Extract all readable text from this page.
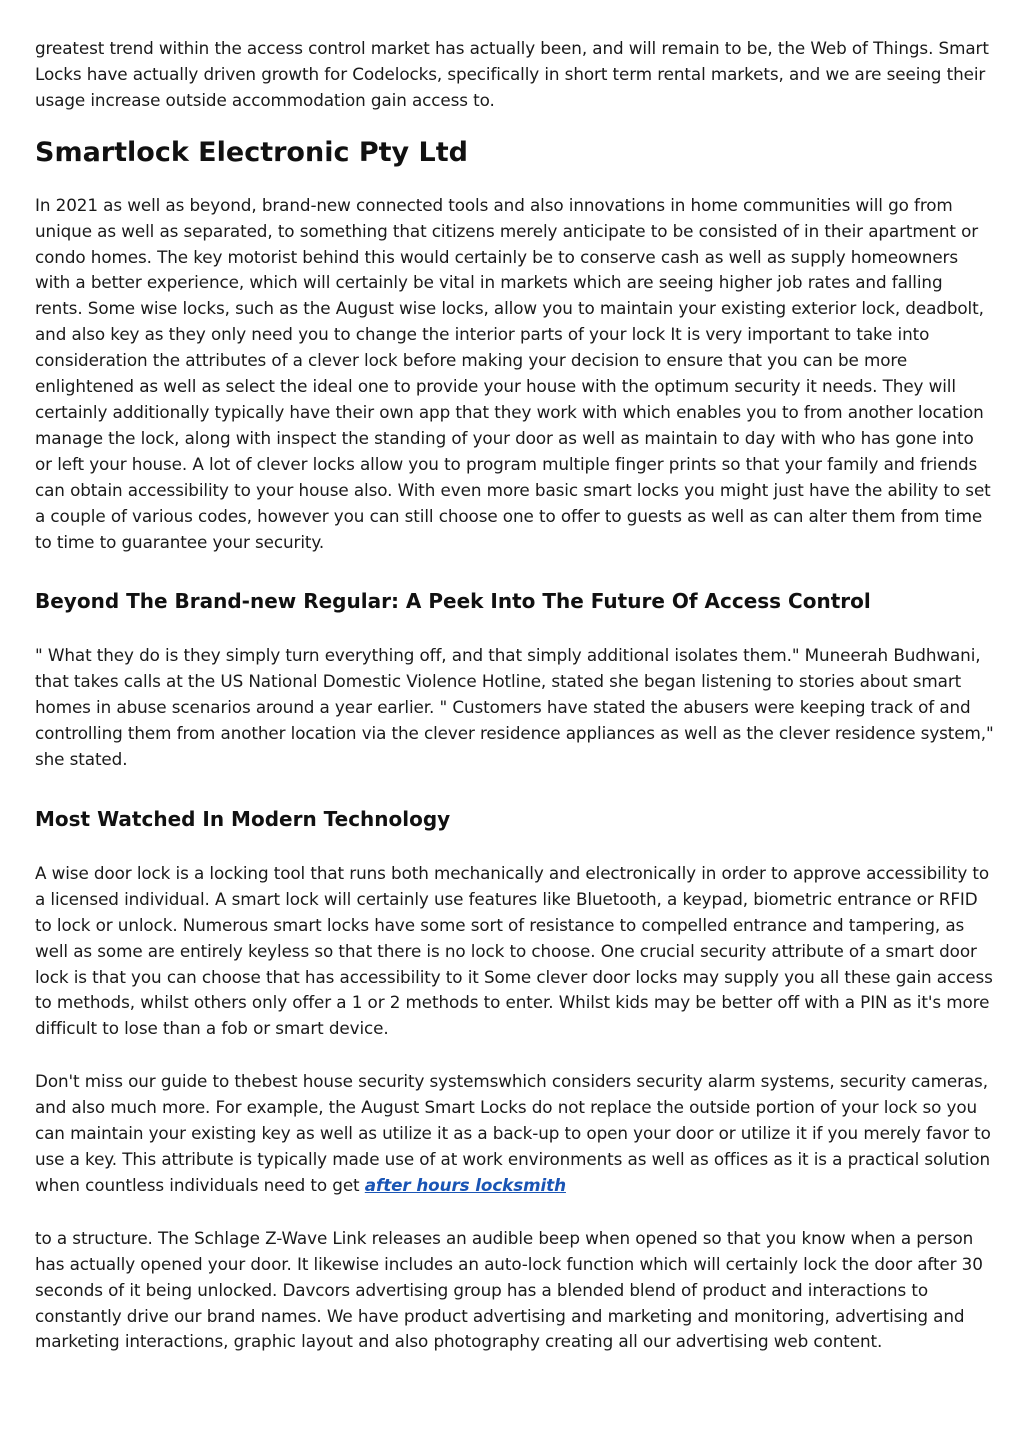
greatest trend within the access control market has actually been, and will remain to be, the Web of Things. Smart Locks have actually driven growth for Codelocks, specifically in short term rental markets, and we are seeing their usage increase outside accommodation gain access to.

Smartlock Electronic Pty Ltd

In 2021 as well as beyond, brand-new connected tools and also innovations in home communities will go from unique as well as separated, to something that citizens merely anticipate to be consisted of in their apartment or condo homes. The key motorist behind this would certainly be to conserve cash as well as supply homeowners with a better experience, which will certainly be vital in markets which are seeing higher job rates and falling rents. Some wise locks, such as the August wise locks, allow you to maintain your existing exterior lock, deadbolt, and also key as they only need you to change the interior parts of your lock It is very important to take into consideration the attributes of a clever lock before making your decision to ensure that you can be more enlightened as well as select the ideal one to provide your house with the optimum security it needs. They will certainly additionally typically have their own app that they work with which enables you to from another location manage the lock, along with inspect the standing of your door as well as maintain to day with who has gone into or left your house. A lot of clever locks allow you to program multiple finger prints so that your family and friends can obtain accessibility to your house also. With even more basic smart locks you might just have the ability to set a couple of various codes, however you can still choose one to offer to guests as well as can alter them from time to time to guarantee your security.

Beyond The Brand-new Regular: A Peek Into The Future Of Access Control

" What they do is they simply turn everything off, and that simply additional isolates them." Muneerah Budhwani, that takes calls at the US National Domestic Violence Hotline, stated she began listening to stories about smart homes in abuse scenarios around a year earlier. " Customers have stated the abusers were keeping track of and controlling them from another location via the clever residence appliances as well as the clever residence system," she stated.

Most Watched In Modern Technology

A wise door lock is a locking tool that runs both mechanically and electronically in order to approve accessibility to a licensed individual. A smart lock will certainly use features like Bluetooth, a keypad, biometric entrance or RFID to lock or unlock. Numerous smart locks have some sort of resistance to compelled entrance and tampering, as well as some are entirely keyless so that there is no lock to choose. One crucial security attribute of a smart door lock is that you can choose that has accessibility to it Some clever door locks may supply you all these gain access to methods, whilst others only offer a 1 or 2 methods to enter. Whilst kids may be better off with a PIN as it's more difficult to lose than a fob or smart device.

Don't miss our guide to thebest house security systemswhich considers security alarm systems, security cameras, and also much more. For example, the August Smart Locks do not replace the outside portion of your lock so you can maintain your existing key as well as utilize it as a back-up to open your door or utilize it if you merely favor to use a key. This attribute is typically made use of at work environments as well as offices as it is a practical solution when countless individuals need to get after hours locksmith

to a structure. The Schlage Z-Wave Link releases an audible beep when opened so that you know when a person has actually opened your door. It likewise includes an auto-lock function which will certainly lock the door after 30 seconds of it being unlocked. Davcors advertising group has a blended blend of product and interactions to constantly drive our brand names. We have product advertising and marketing and monitoring, advertising and marketing interactions, graphic layout and also photography creating all our advertising web content.
